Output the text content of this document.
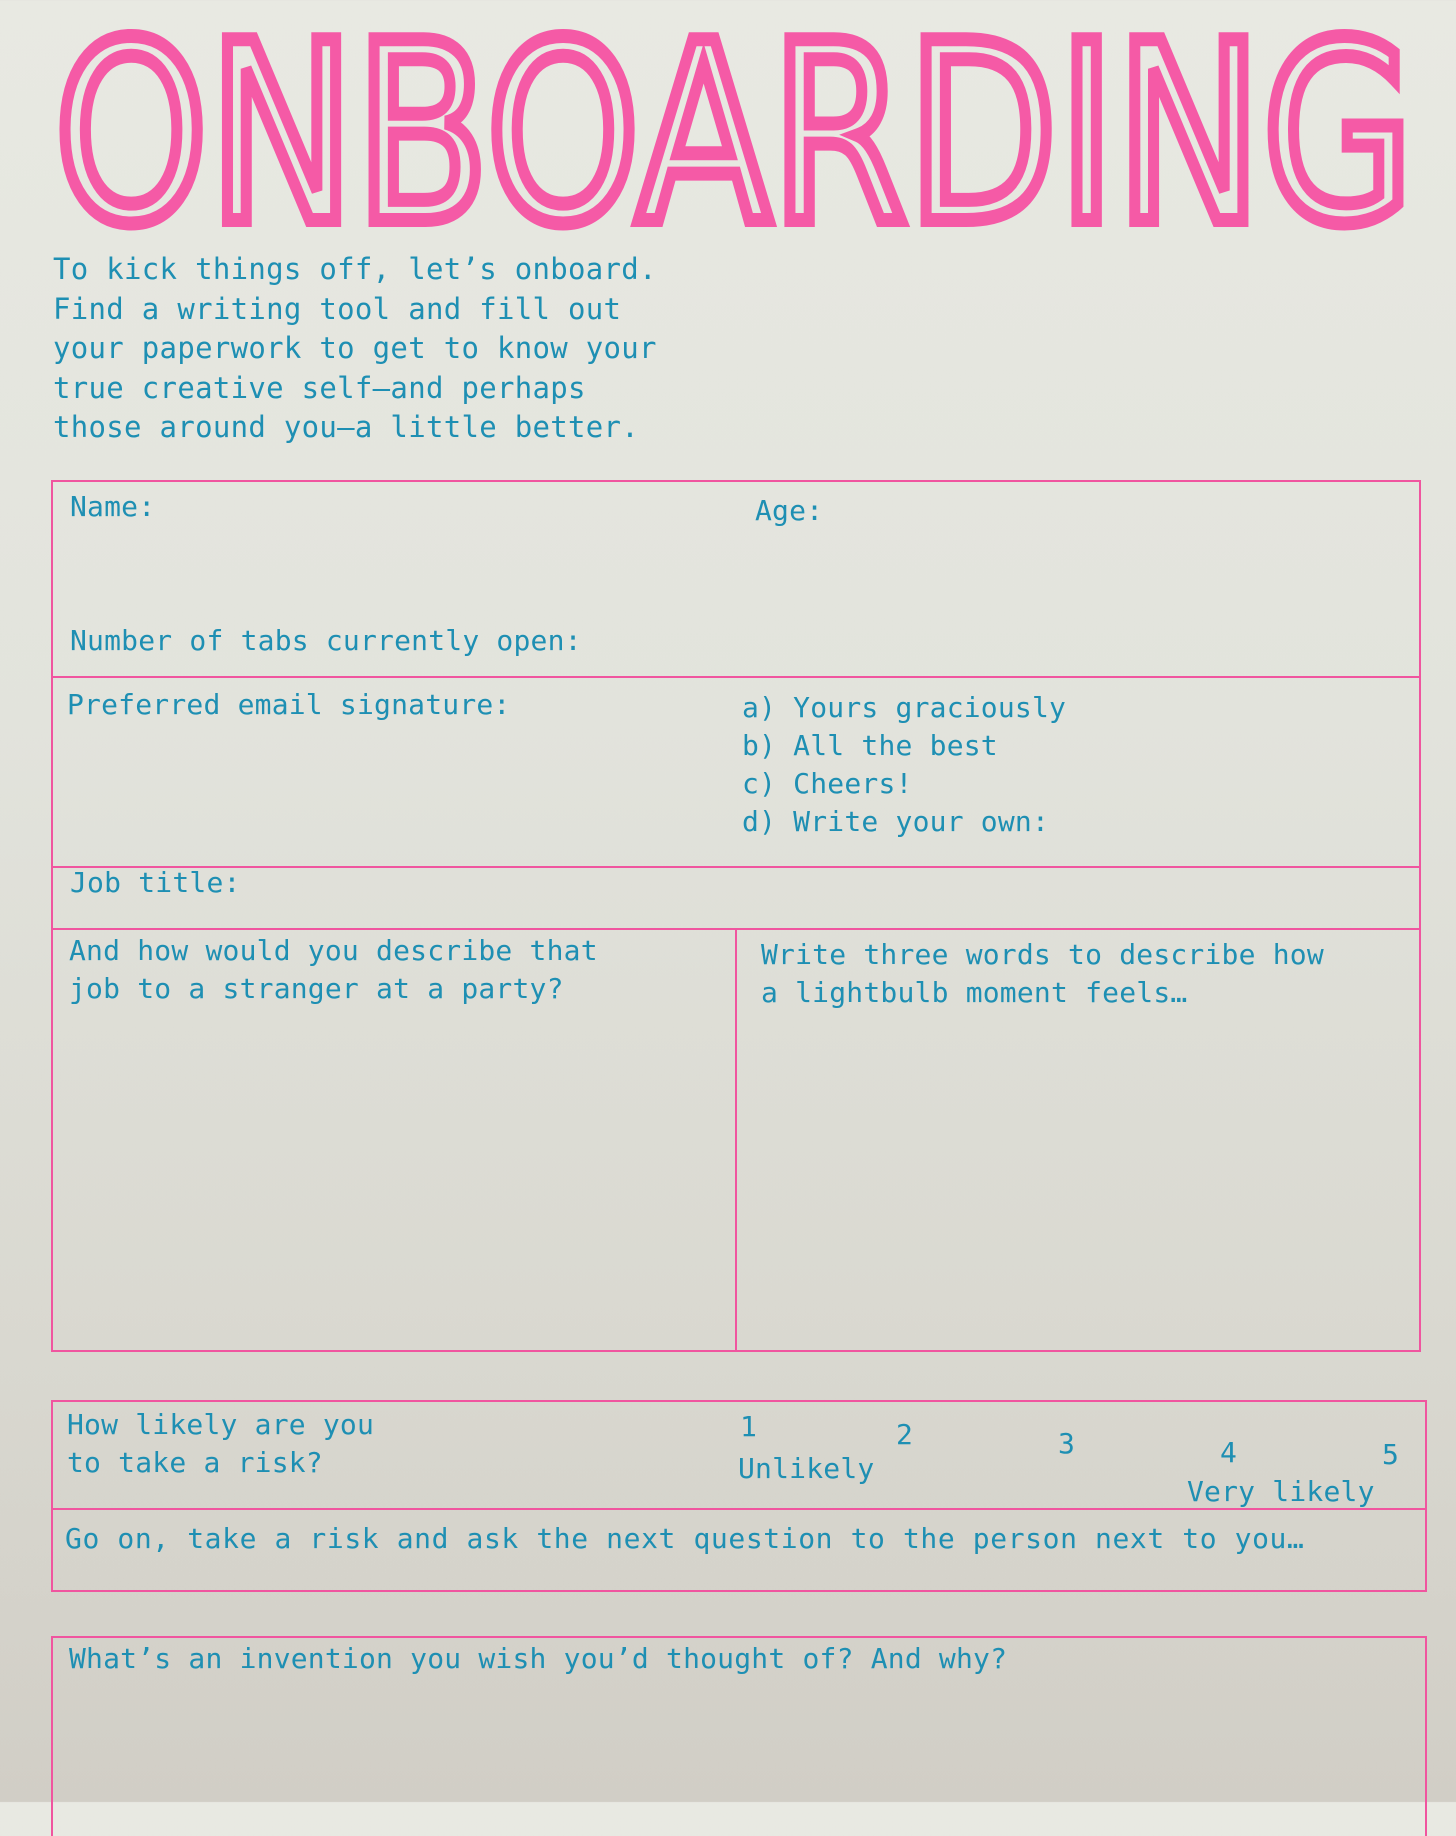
ONBOARDING

To kick things off, let’s onboard.
Find a writing tool and fill out
your paperwork to get to know your
true creative self–and perhaps
those around you–a little better.

Name:	Age:
Number of tabs currently open:
Preferred email signature:	a) Yours graciously
b) All the best
c) Cheers!
d) Write your own:
Job title:
And how would you describe that
job to a stranger at a party?
Write three words to describe how
a lightbulb moment feels…
How likely are you
to take a risk?
1	2	3	4	5
Unlikely
Very likely
Go on, take a risk and ask the next question to the person next to you…
What’s an invention you wish you’d thought of? And why?
